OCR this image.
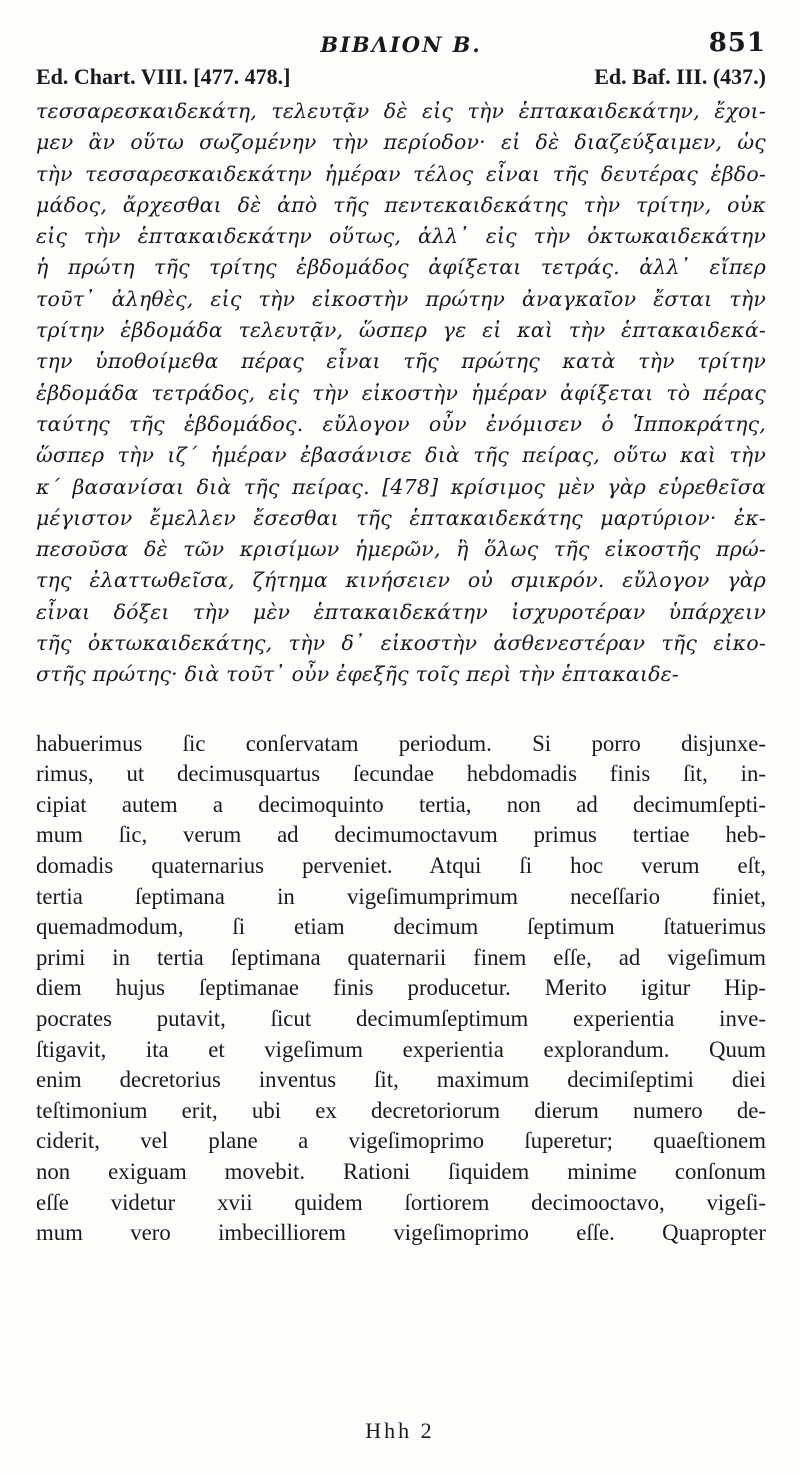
ΒΙΒΛΙΟΝ Β.	851
Ed. Chart. VIII. [477. 478.]	Ed. Baf. III. (437.)
τεσσαρεσκαιδεκάτη, τελευτᾷν δὲ εἰς τὴν ἑπτακαιδεκάτην, ἔχοι-
μεν ἂν οὕτω σωζομένην τὴν περίοδον· εἰ δὲ διαζεύξαιμεν, ὡς
τὴν τεσσαρεσκαιδεκάτην ἡμέραν τέλος εἶναι τῆς δευτέρας ἑβδο-
μάδος, ἄρχεσθαι δὲ ἀπὸ τῆς πεντεκαιδεκάτης τὴν τρίτην, οὐκ
εἰς τὴν ἑπτακαιδεκάτην οὕτως, ἀλλ᾽ εἰς τὴν ὀκτωκαιδεκάτην
ἡ πρώτη τῆς τρίτης ἑβδομάδος ἀφίξεται τετράς. ἀλλ᾽ εἴπερ
τοῦτ᾽ ἀληθὲς, εἰς τὴν εἰκοστὴν πρώτην ἀναγκαῖον ἔσται τὴν
τρίτην ἑβδομάδα τελευτᾷν, ὥσπερ γε εἰ καὶ τὴν ἑπτακαιδεκά-
την ὑποθοίμεθα πέρας εἶναι τῆς πρώτης κατὰ τὴν τρίτην
ἑβδομάδα τετράδος, εἰς τὴν εἰκοστὴν ἡμέραν ἀφίξεται τὸ πέρας
ταύτης τῆς ἑβδομάδος. εὔλογον οὖν ἐνόμισεν ὁ Ἱπποκράτης,
ὥσπερ τὴν ιζ΄ ἡμέραν ἐβασάνισε διὰ τῆς πείρας, οὕτω καὶ τὴν
κ΄ βασανίσαι διὰ τῆς πείρας. [478] κρίσιμος μὲν γὰρ εὑρεθεῖσα
μέγιστον ἔμελλεν ἔσεσθαι τῆς ἑπτακαιδεκάτης μαρτύριον· ἐκ-
πεσοῦσα δὲ τῶν κρισίμων ἡμερῶν, ἢ ὅλως τῆς εἰκοστῆς πρώ-
της ἐλαττωθεῖσα, ζήτημα κινήσειεν οὐ σμικρόν. εὔλογον γὰρ
εἶναι δόξει τὴν μὲν ἑπτακαιδεκάτην ἰσχυροτέραν ὑπάρχειν
τῆς ὀκτωκαιδεκάτης, τὴν δ᾽ εἰκοστὴν ἀσθενεστέραν τῆς εἰκο-
στῆς πρώτης· διὰ τοῦτ᾽ οὖν ἐφεξῆς τοῖς περὶ τὴν ἑπτακαιδε-
habuerimus ſic conſervatam periodum. Si porro disjunxe-
rimus, ut decimusquartus ſecundae hebdomadis finis ſit, in-
cipiat autem a decimoquinto tertia, non ad decimumſepti-
mum ſic, verum ad decimumoctavum primus tertiae heb-
domadis quaternarius perveniet. Atqui ſi hoc verum eſt,
tertia ſeptimana in vigeſimumprimum neceſſario finiet,
quemadmodum, ſi etiam decimum ſeptimum ſtatuerimus
primi in tertia ſeptimana quaternarii finem eſſe, ad vigeſimum
diem hujus ſeptimanae finis producetur. Merito igitur Hip-
pocrates putavit, ſicut decimumſeptimum experientia inve-
ſtigavit, ita et vigeſimum experientia explorandum. Quum
enim decretorius inventus ſit, maximum decimiſeptimi diei
teſtimonium erit, ubi ex decretoriorum dierum numero de-
ciderit, vel plane a vigeſimoprimo ſuperetur; quaeſtionem
non exiguam movebit. Rationi ſiquidem minime conſonum
eſſe videtur xvii quidem ſortiorem decimooctavo, vigeſi-
mum vero imbecilliorem vigeſimoprimo eſſe. Quapropter
Hhh 2
